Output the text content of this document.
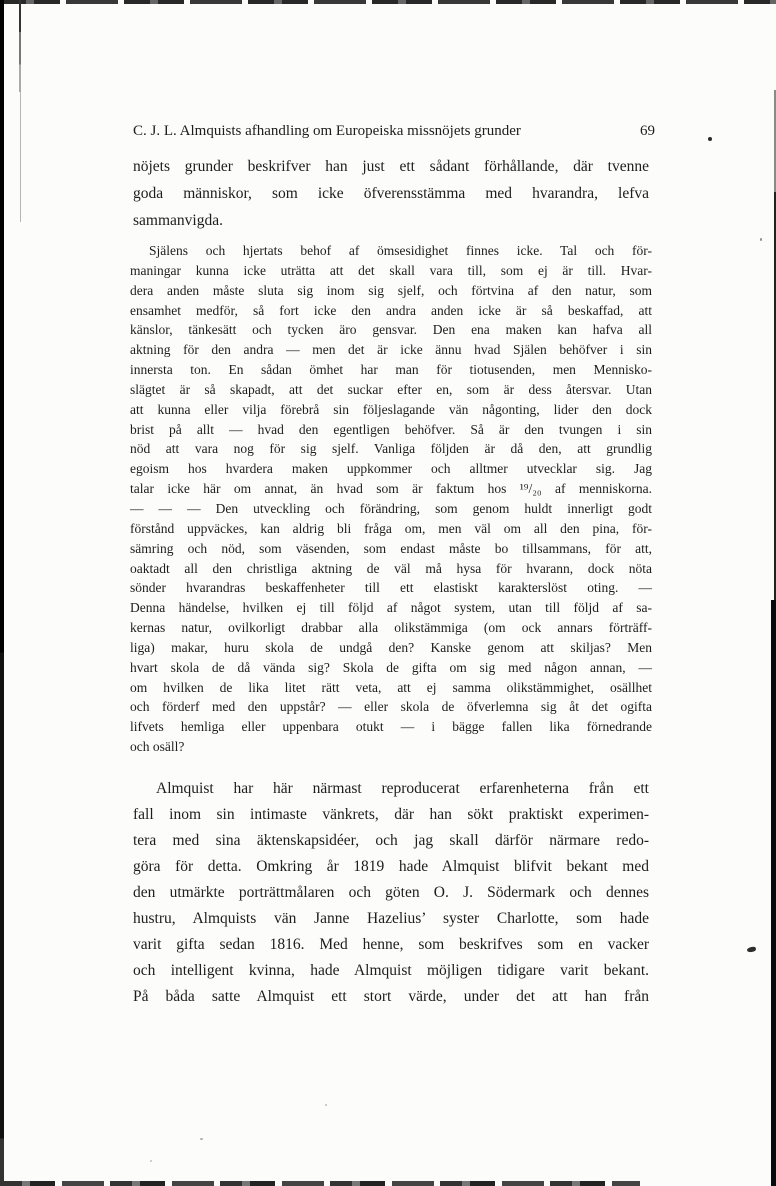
C. J. L. Almquists afhandling om Europeiska missnöjets grunder	69
nöjets grunder beskrifver han just ett sådant förhållande, där tvenne
goda människor, som icke öfverensstämma med hvarandra, lefva
sammanvigda.
Själens och hjertats behof af ömsesidighet finnes icke. Tal och för-
maningar kunna icke uträtta att det skall vara till, som ej är till. Hvar-
dera anden måste sluta sig inom sig sjelf, och förtvina af den natur, som
ensamhet medför, så fort icke den andra anden icke är så beskaffad, att
känslor, tänkesätt och tycken äro gensvar. Den ena maken kan hafva all
aktning för den andra — men det är icke ännu hvad Själen behöfver i sin
innersta ton. En sådan ömhet har man för tiotusenden, men Mennisko-
slägtet är så skapadt, att det suckar efter en, som är dess återsvar. Utan
att kunna eller vilja förebrå sin följeslagande vän någonting, lider den dock
brist på allt — hvad den egentligen behöfver. Så är den tvungen i sin
nöd att vara nog för sig sjelf. Vanliga följden är då den, att grundlig
egoism hos hvardera maken uppkommer och alltmer utvecklar sig. Jag
talar icke här om annat, än hvad som är faktum hos ¹⁹/₂₀ af menniskorna.
— — — Den utveckling och förändring, som genom huldt innerligt godt
förstånd uppväckes, kan aldrig bli fråga om, men väl om all den pina, för-
sämring och nöd, som väsenden, som endast måste bo tillsammans, för att,
oaktadt all den christliga aktning de väl må hysa för hvarann, dock nöta
sönder hvarandras beskaffenheter till ett elastiskt karakterslöst oting. —
Denna händelse, hvilken ej till följd af något system, utan till följd af sa-
kernas natur, ovilkorligt drabbar alla olikstämmiga (om ock annars förträff-
liga) makar, huru skola de undgå den? Kanske genom att skiljas? Men
hvart skola de då vända sig? Skola de gifta om sig med någon annan, —
om hvilken de lika litet rätt veta, att ej samma olikstämmighet, osällhet
och förderf med den uppstår? — eller skola de öfverlemna sig åt det ogifta
lifvets hemliga eller uppenbara otukt — i bägge fallen lika förnedrande
och osäll?
Almquist har här närmast reproducerat erfarenheterna från ett
fall inom sin intimaste vänkrets, där han sökt praktiskt experimen-
tera med sina äktenskapsidéer, och jag skall därför närmare redo-
göra för detta. Omkring år 1819 hade Almquist blifvit bekant med
den utmärkte porträttmålaren och göten O. J. Södermark och dennes
hustru, Almquists vän Janne Hazelius’ syster Charlotte, som hade
varit gifta sedan 1816. Med henne, som beskrifves som en vacker
och intelligent kvinna, hade Almquist möjligen tidigare varit bekant.
På båda satte Almquist ett stort värde, under det att han från
